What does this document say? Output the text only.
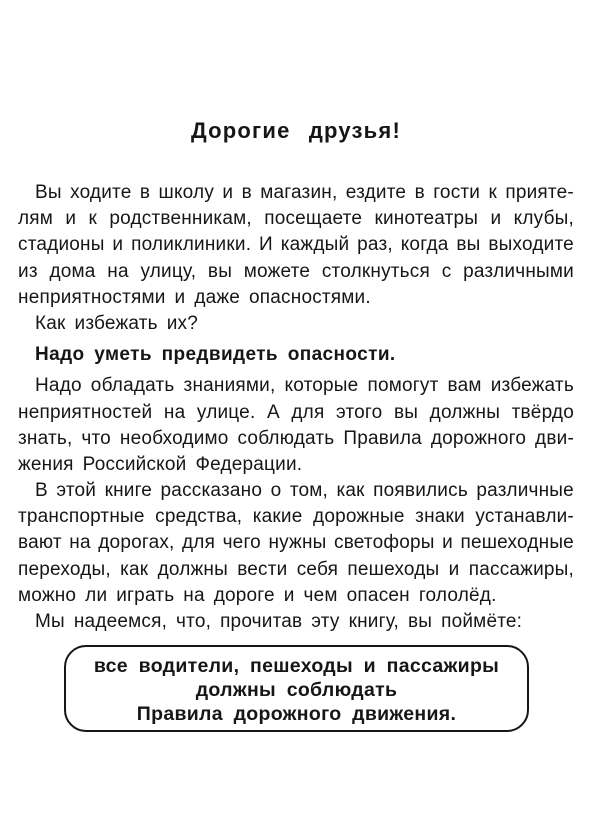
Дорогие друзья!
Вы ходите в школу и в магазин, ездите в гости к прияте-
лям и к родственникам, посещаете кинотеатры и клубы,
стадионы и поликлиники. И каждый раз, когда вы выходите
из дома на улицу, вы можете столкнуться с различными
неприятностями и даже опасностями.
Как избежать их?
Надо уметь предвидеть опасности.
Надо обладать знаниями, которые помогут вам избежать
неприятностей на улице. А для этого вы должны твёрдо
знать, что необходимо соблюдать Правила дорожного дви-
жения Российской Федерации.
В этой книге рассказано о том, как появились различные
транспортные средства, какие дорожные знаки устанавли-
вают на дорогах, для чего нужны светофоры и пешеходные
переходы, как должны вести себя пешеходы и пассажиры,
можно ли играть на дороге и чем опасен гололёд.
Мы надеемся, что, прочитав эту книгу, вы поймёте:
все водители, пешеходы и пассажиры
должны соблюдать
Правила дорожного движения.
